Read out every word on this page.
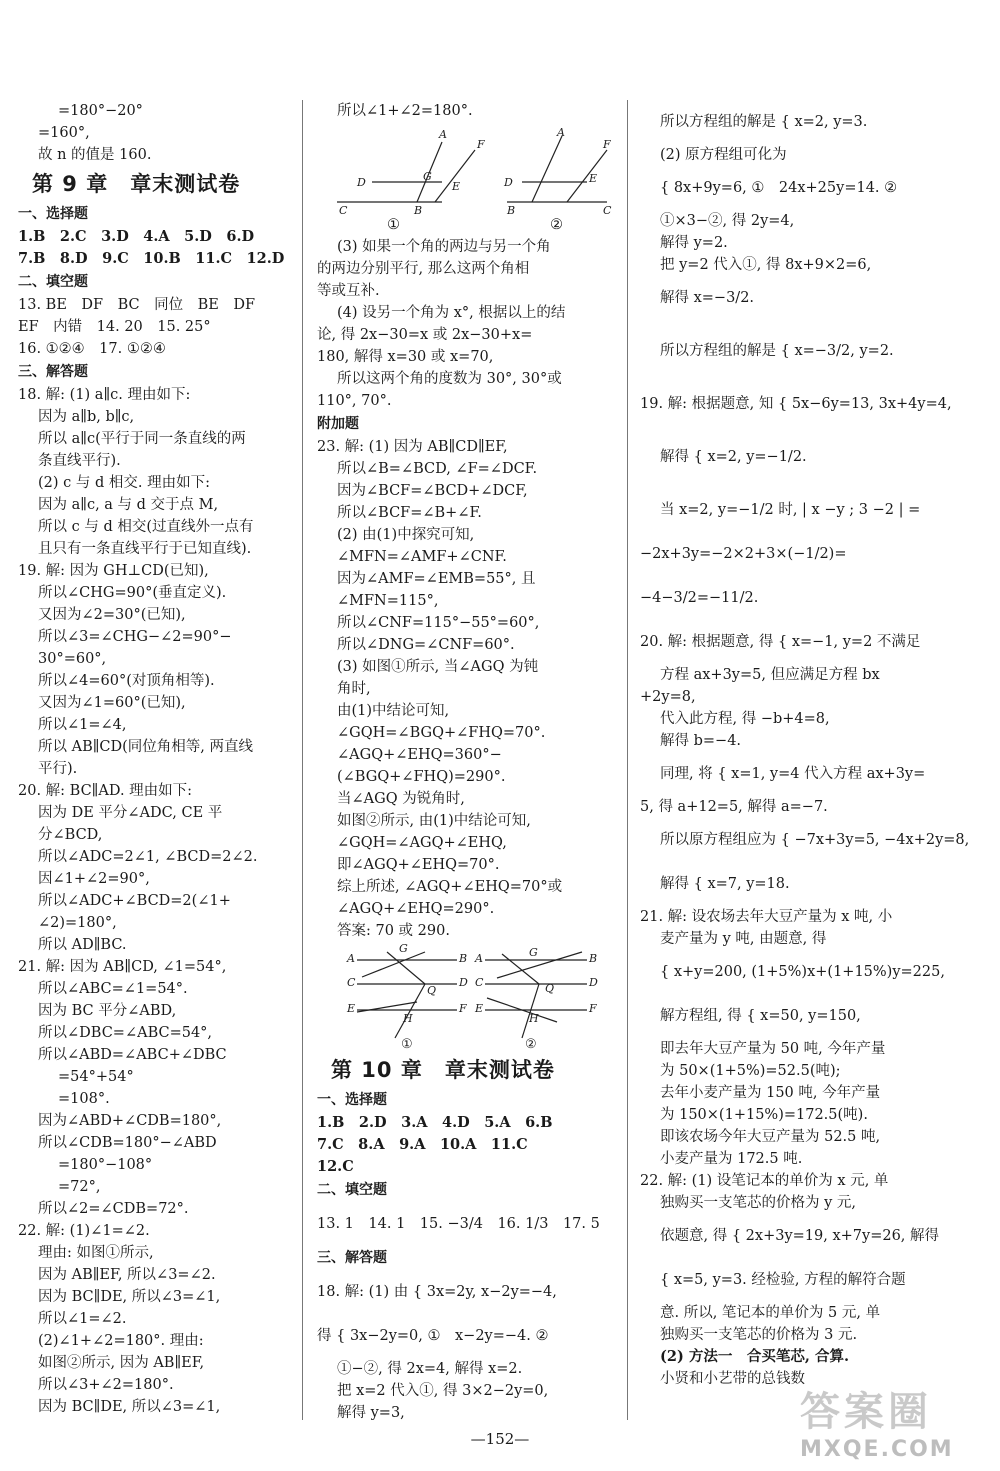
=180°−20°
=160°,
故 n 的值是 160.
第 9 章　章末测试卷
一、选择题
1.B　2.C　3.D　4.A　5.D　6.D
7.B　8.D　9.C　10.B　11.C　12.D
二、填空题
13. BE　DF　BC　同位　BE　DF
EF　内错　14. 20　15. 25°
16. ①②④　17. ①②④
三、解答题
18. 解: (1) a∥c. 理由如下:
因为 a∥b, b∥c,
所以 a∥c(平行于同一条直线的两
条直线平行).
(2) c 与 d 相交. 理由如下:
因为 a∥c, a 与 d 交于点 M,
所以 c 与 d 相交(过直线外一点有
且只有一条直线平行于已知直线).
19. 解: 因为 GH⊥CD(已知),
所以∠CHG=90°(垂直定义).
又因为∠2=30°(已知),
所以∠3=∠CHG−∠2=90°−
30°=60°,
所以∠4=60°(对顶角相等).
又因为∠1=60°(已知),
所以∠1=∠4,
所以 AB∥CD(同位角相等, 两直线
平行).
20. 解: BC∥AD. 理由如下:
因为 DE 平分∠ADC, CE 平
分∠BCD,
所以∠ADC=2∠1, ∠BCD=2∠2.
因∠1+∠2=90°,
所以∠ADC+∠BCD=2(∠1+
∠2)=180°,
所以 AD∥BC.
21. 解: 因为 AB∥CD, ∠1=54°,
所以∠ABC=∠1=54°.
因为 BC 平分∠ABD,
所以∠DBC=∠ABC=54°,
所以∠ABD=∠ABC+∠DBC
=54°+54°
=108°.
因为∠ABD+∠CDB=180°,
所以∠CDB=180°−∠ABD
=180°−108°
=72°,
所以∠2=∠CDB=72°.
22. 解: (1)∠1=∠2.
理由: 如图①所示,
因为 AB∥EF, 所以∠3=∠2.
因为 BC∥DE, 所以∠3=∠1,
所以∠1=∠2.
(2)∠1+∠2=180°. 理由:
如图②所示, 因为 AB∥EF,
所以∠3+∠2=180°.
因为 BC∥DE, 所以∠3=∠1,
所以∠1+∠2=180°.
A
F
D
C	B
E
G	D
B
A
F
E
C
①	②
(3) 如果一个角的两边与另一个角
的两边分别平行, 那么这两个角相
等或互补.
(4) 设另一个角为 x°, 根据以上的结
论, 得 2x−30=x 或 2x−30+x=
180, 解得 x=30 或 x=70,
所以这两个角的度数为 30°, 30°或
110°, 70°.
附加题
23. 解: (1) 因为 AB∥CD∥EF,
所以∠B=∠BCD, ∠F=∠DCF.
因为∠BCF=∠BCD+∠DCF,
所以∠BCF=∠B+∠F.
(2) 由(1)中探究可知,
∠MFN=∠AMF+∠CNF.
因为∠AMF=∠EMB=55°, 且
∠MFN=115°,
所以∠CNF=115°−55°=60°,
所以∠DNG=∠CNF=60°.
(3) 如图①所示, 当∠AGQ 为钝
角时,
由(1)中结论可知,
∠GQH=∠BGQ+∠FHQ=70°.
∠AGQ+∠EHQ=360°−
(∠BGQ+∠FHQ)=290°.
当∠AGQ 为锐角时,
如图②所示, 由(1)中结论可知,
∠GQH=∠AGQ+∠EHQ,
即∠AGQ+∠EHQ=70°.
综上所述, ∠AGQ+∠EHQ=70°或
∠AGQ+∠EHQ=290°.
答案: 70 或 290.
A	B
C	D
E	F
G
Q
H
A	B
C	D
E	F
G
Q
H
①	②
第 10 章　章末测试卷
一、选择题
1.B　2.D　3.A　4.D　5.A　6.B
7.C　8.A　9.A　10.A　11.C
12.C
二、填空题
13. 1　14. 1　15. −3/4　16. 1/3　17. 5
三、解答题
18. 解: (1) 由 { 3x=2y, x−2y=−4,
得 { 3x−2y=0, ①　x−2y=−4. ②
①−②, 得 2x=4, 解得 x=2.
把 x=2 代入①, 得 3×2−2y=0,
解得 y=3,
所以方程组的解是 { x=2, y=3.
(2) 原方程组可化为
{ 8x+9y=6, ①　24x+25y=14. ②
①×3−②, 得 2y=4,
解得 y=2.
把 y=2 代入①, 得 8x+9×2=6,
解得 x=−3/2.
所以方程组的解是 { x=−3/2, y=2.
19. 解: 根据题意, 知 { 5x−6y=13, 3x+4y=4,
解得 { x=2, y=−1/2.
当 x=2, y=−1/2 时, | x −y ; 3 −2 | =
−2x+3y=−2×2+3×(−1/2)=
−4−3/2=−11/2.
20. 解: 根据题意, 得 { x=−1, y=2 不满足
方程 ax+3y=5, 但应满足方程 bx
+2y=8,
代入此方程, 得 −b+4=8,
解得 b=−4.
同理, 将 { x=1, y=4 代入方程 ax+3y=
5, 得 a+12=5, 解得 a=−7.
所以原方程组应为 { −7x+3y=5, −4x+2y=8,
解得 { x=7, y=18.
21. 解: 设农场去年大豆产量为 x 吨, 小
麦产量为 y 吨, 由题意, 得
{ x+y=200, (1+5%)x+(1+15%)y=225,
解方程组, 得 { x=50, y=150,
即去年大豆产量为 50 吨, 今年产量
为 50×(1+5%)=52.5(吨);
去年小麦产量为 150 吨, 今年产量
为 150×(1+15%)=172.5(吨).
即该农场今年大豆产量为 52.5 吨,
小麦产量为 172.5 吨.
22. 解: (1) 设笔记本的单价为 x 元, 单
独购买一支笔芯的价格为 y 元,
依题意, 得 { 2x+3y=19, x+7y=26, 解得
{ x=5, y=3. 经检验, 方程的解符合题
意. 所以, 笔记本的单价为 5 元, 单
独购买一支笔芯的价格为 3 元.
(2) 方法一　合买笔芯, 合算.
小贤和小艺带的总钱数
—152—
答案圈
MXQE.COM
